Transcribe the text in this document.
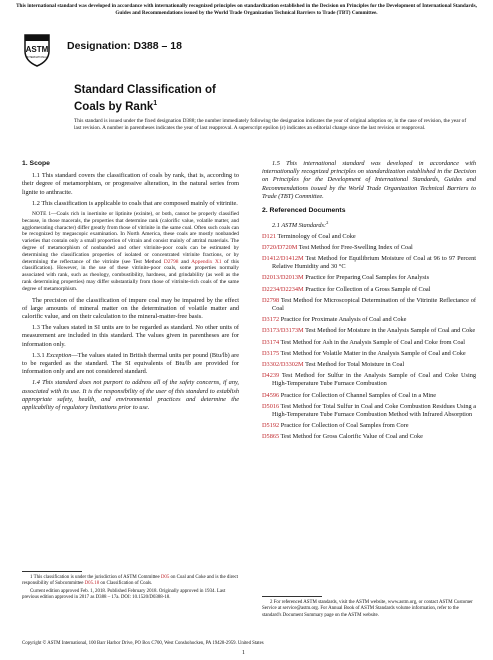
This international standard was developed in accordance with internationally recognized principles on standardization established in the Decision on Principles for the Development of International Standards, Guides and Recommendations issued by the World Trade Organization Technical Barriers to Trade (TBT) Committee.
ASTM
INTERNATIONAL
Designation: D388 – 18
Standard Classification of
Coals by Rank$^1$
This standard is issued under the fixed designation D388; the number immediately following the designation indicates the year of original adoption or, in the case of revision, the year of last revision. A number in parentheses indicates the year of last reapproval. A superscript epsilon (ε) indicates an editorial change since the last revision or reapproval.
1. Scope

1.1 This standard covers the classification of coals by rank, that is, according to their degree of metamorphism, or progressive alteration, in the natural series from lignite to anthracite.

1.2 This classification is applicable to coals that are composed mainly of vitrinite.

NOTE 1—Coals rich in inertinite or liptinite (exinite), or both, cannot be properly classified because, in those macerals, the properties that determine rank (calorific value, volatile matter, and agglomerating character) differ greatly from those of vitrinite in the same coal. Often such coals can be recognized by megascopic examination. In North America, these coals are mostly nonbanded varieties that contain only a small proportion of vitrain and consist mainly of attrital materials. The degree of metamorphism of nonbanded and other vitrinite-poor coals can be estimated by determining the classification properties of isolated or concentrated vitrinite fractions, or by determining the reflectance of the vitrinite (see Test Method D2798 and Appendix X1 of this classification). However, in the use of these vitrinite-poor coals, some properties normally associated with rank, such as rheology, combustibility, hardness, and grindability (as well as the rank determining properties) may differ substantially from those of vitrinite-rich coals of the same degree of metamorphism.

The precision of the classification of impure coal may be impaired by the effect of large amounts of mineral matter on the determination of volatile matter and calorific value, and on their calculation to the mineral-matter-free basis.

1.3 The values stated in SI units are to be regarded as standard. No other units of measurement are included in this standard. The values given in parentheses are for information only.

1.3.1 Exception—The values stated in British thermal units per pound (Btu/lb) are to be regarded as the standard. The SI equivalents of Btu/lb are provided for information only and are not considered standard.

1.4 This standard does not purport to address all of the safety concerns, if any, associated with its use. It is the responsibility of the user of this standard to establish appropriate safety, health, and environmental practices and determine the applicability of regulatory limitations prior to use.

1 This classification is under the jurisdiction of ASTM Committee D05 on Coal and Coke and is the direct responsibility of Subcommittee D05.18 on Classification of Coals.

Current edition approved Feb. 1, 2018. Published February 2018. Originally approved in 1934. Last previous edition approved in 2017 as D388 – 17a. DOI: 10.1520/D0388-18.

1.5 This international standard was developed in accordance with internationally recognized principles on standardization established in the Decision on Principles for the Development of International Standards, Guides and Recommendations issued by the World Trade Organization Technical Barriers to Trade (TBT) Committee.

2. Referenced Documents

2.1 ASTM Standards:$^2$

D121 Terminology of Coal and Coke

D720/D720M Test Method for Free-Swelling Index of Coal

D1412/D1412M Test Method for Equilibrium Moisture of Coal at 96 to 97 Percent Relative Humidity and 30 °C

D2013/D2013M Practice for Preparing Coal Samples for Analysis

D2234/D2234M Practice for Collection of a Gross Sample of Coal

D2798 Test Method for Microscopical Determination of the Vitrinite Reflectance of Coal

D3172 Practice for Proximate Analysis of Coal and Coke

D3173/D3173M Test Method for Moisture in the Analysis Sample of Coal and Coke

D3174 Test Method for Ash in the Analysis Sample of Coal and Coke from Coal

D3175 Test Method for Volatile Matter in the Analysis Sample of Coal and Coke

D3302/D3302M Test Method for Total Moisture in Coal

D4239 Test Method for Sulfur in the Analysis Sample of Coal and Coke Using High-Temperature Tube Furnace Combustion

D4596 Practice for Collection of Channel Samples of Coal in a Mine

D5016 Test Method for Total Sulfur in Coal and Coke Combustion Residues Using a High-Temperature Tube Furnace Combustion Method with Infrared Absorption

D5192 Practice for Collection of Coal Samples from Core

D5865 Test Method for Gross Calorific Value of Coal and Coke

2 For referenced ASTM standards, visit the ASTM website, www.astm.org, or contact ASTM Customer Service at service@astm.org. For Annual Book of ASTM Standards volume information, refer to the standard's Document Summary page on the ASTM website.

Copyright © ASTM International, 100 Barr Harbor Drive, PO Box C700, West Conshohocken, PA 19428-2959. United States
1
